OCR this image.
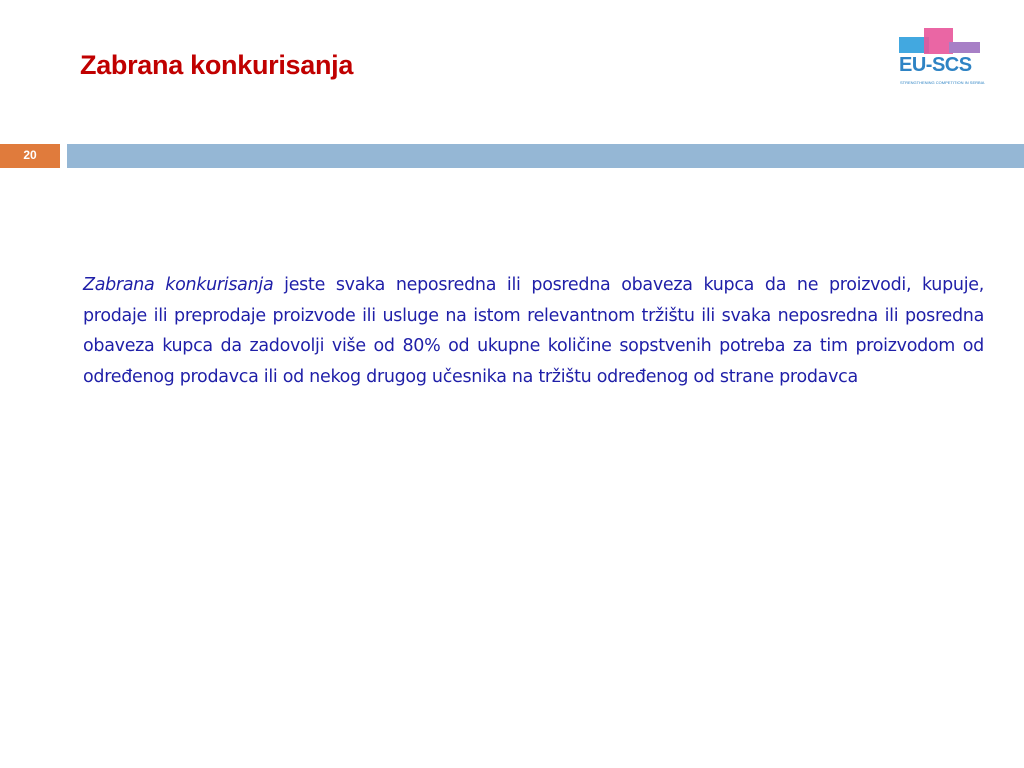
Zabrana konkurisanja	EU-SCS
STRENGTHENING COMPETITION IN SERBIA
20

Zabrana konkurisanja jeste svaka neposredna ili posredna obaveza kupca da ne proizvodi, kupuje, prodaje ili preprodaje proizvode ili usluge na istom relevantnom tržištu ili svaka neposredna ili posredna obaveza kupca da zadovolji više od 80% od ukupne količine sopstvenih potreba za tim proizvodom od određenog prodavca ili od nekog drugog učesnika na tržištu određenog od strane prodavca
